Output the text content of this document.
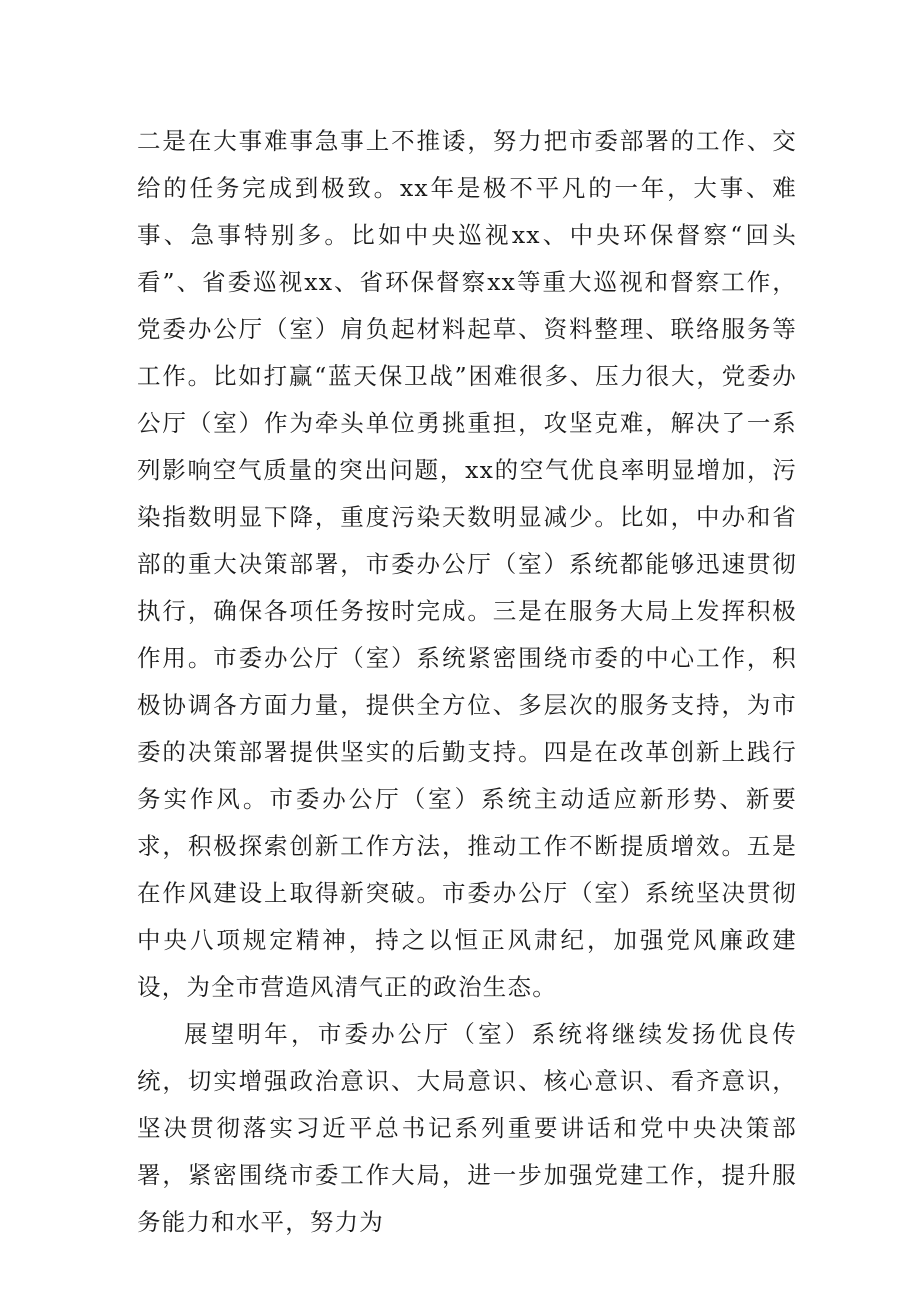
二是在大事难事急事上不推诿，努力把市委部署的工作、交给的任务完成到极致。xx年是极不平凡的一年，大事、难事、急事特别多。比如中央巡视xx、中央环保督察“回头看”、省委巡视xx、省环保督察xx等重大巡视和督察工作，党委办公厅（室）肩负起材料起草、资料整理、联络服务等工作。比如打赢“蓝天保卫战”困难很多、压力很大，党委办公厅（室）作为牵头单位勇挑重担，攻坚克难，解决了一系列影响空气质量的突出问题，xx的空气优良率明显增加，污染指数明显下降，重度污染天数明显减少。比如，中办和省部的重大决策部署，市委办公厅（室）系统都能够迅速贯彻执行，确保各项任务按时完成。三是在服务大局上发挥积极作用。市委办公厅（室）系统紧密围绕市委的中心工作，积极协调各方面力量，提供全方位、多层次的服务支持，为市委的决策部署提供坚实的后勤支持。四是在改革创新上践行务实作风。市委办公厅（室）系统主动适应新形势、新要求，积极探索创新工作方法，推动工作不断提质增效。五是在作风建设上取得新突破。市委办公厅（室）系统坚决贯彻中央八项规定精神，持之以恒正风肃纪，加强党风廉政建设，为全市营造风清气正的政治生态。

展望明年，市委办公厅（室）系统将继续发扬优良传统，切实增强政治意识、大局意识、核心意识、看齐意识，坚决贯彻落实习近平总书记系列重要讲话和党中央决策部署，紧密围绕市委工作大局，进一步加强党建工作，提升服务能力和水平，努力为
